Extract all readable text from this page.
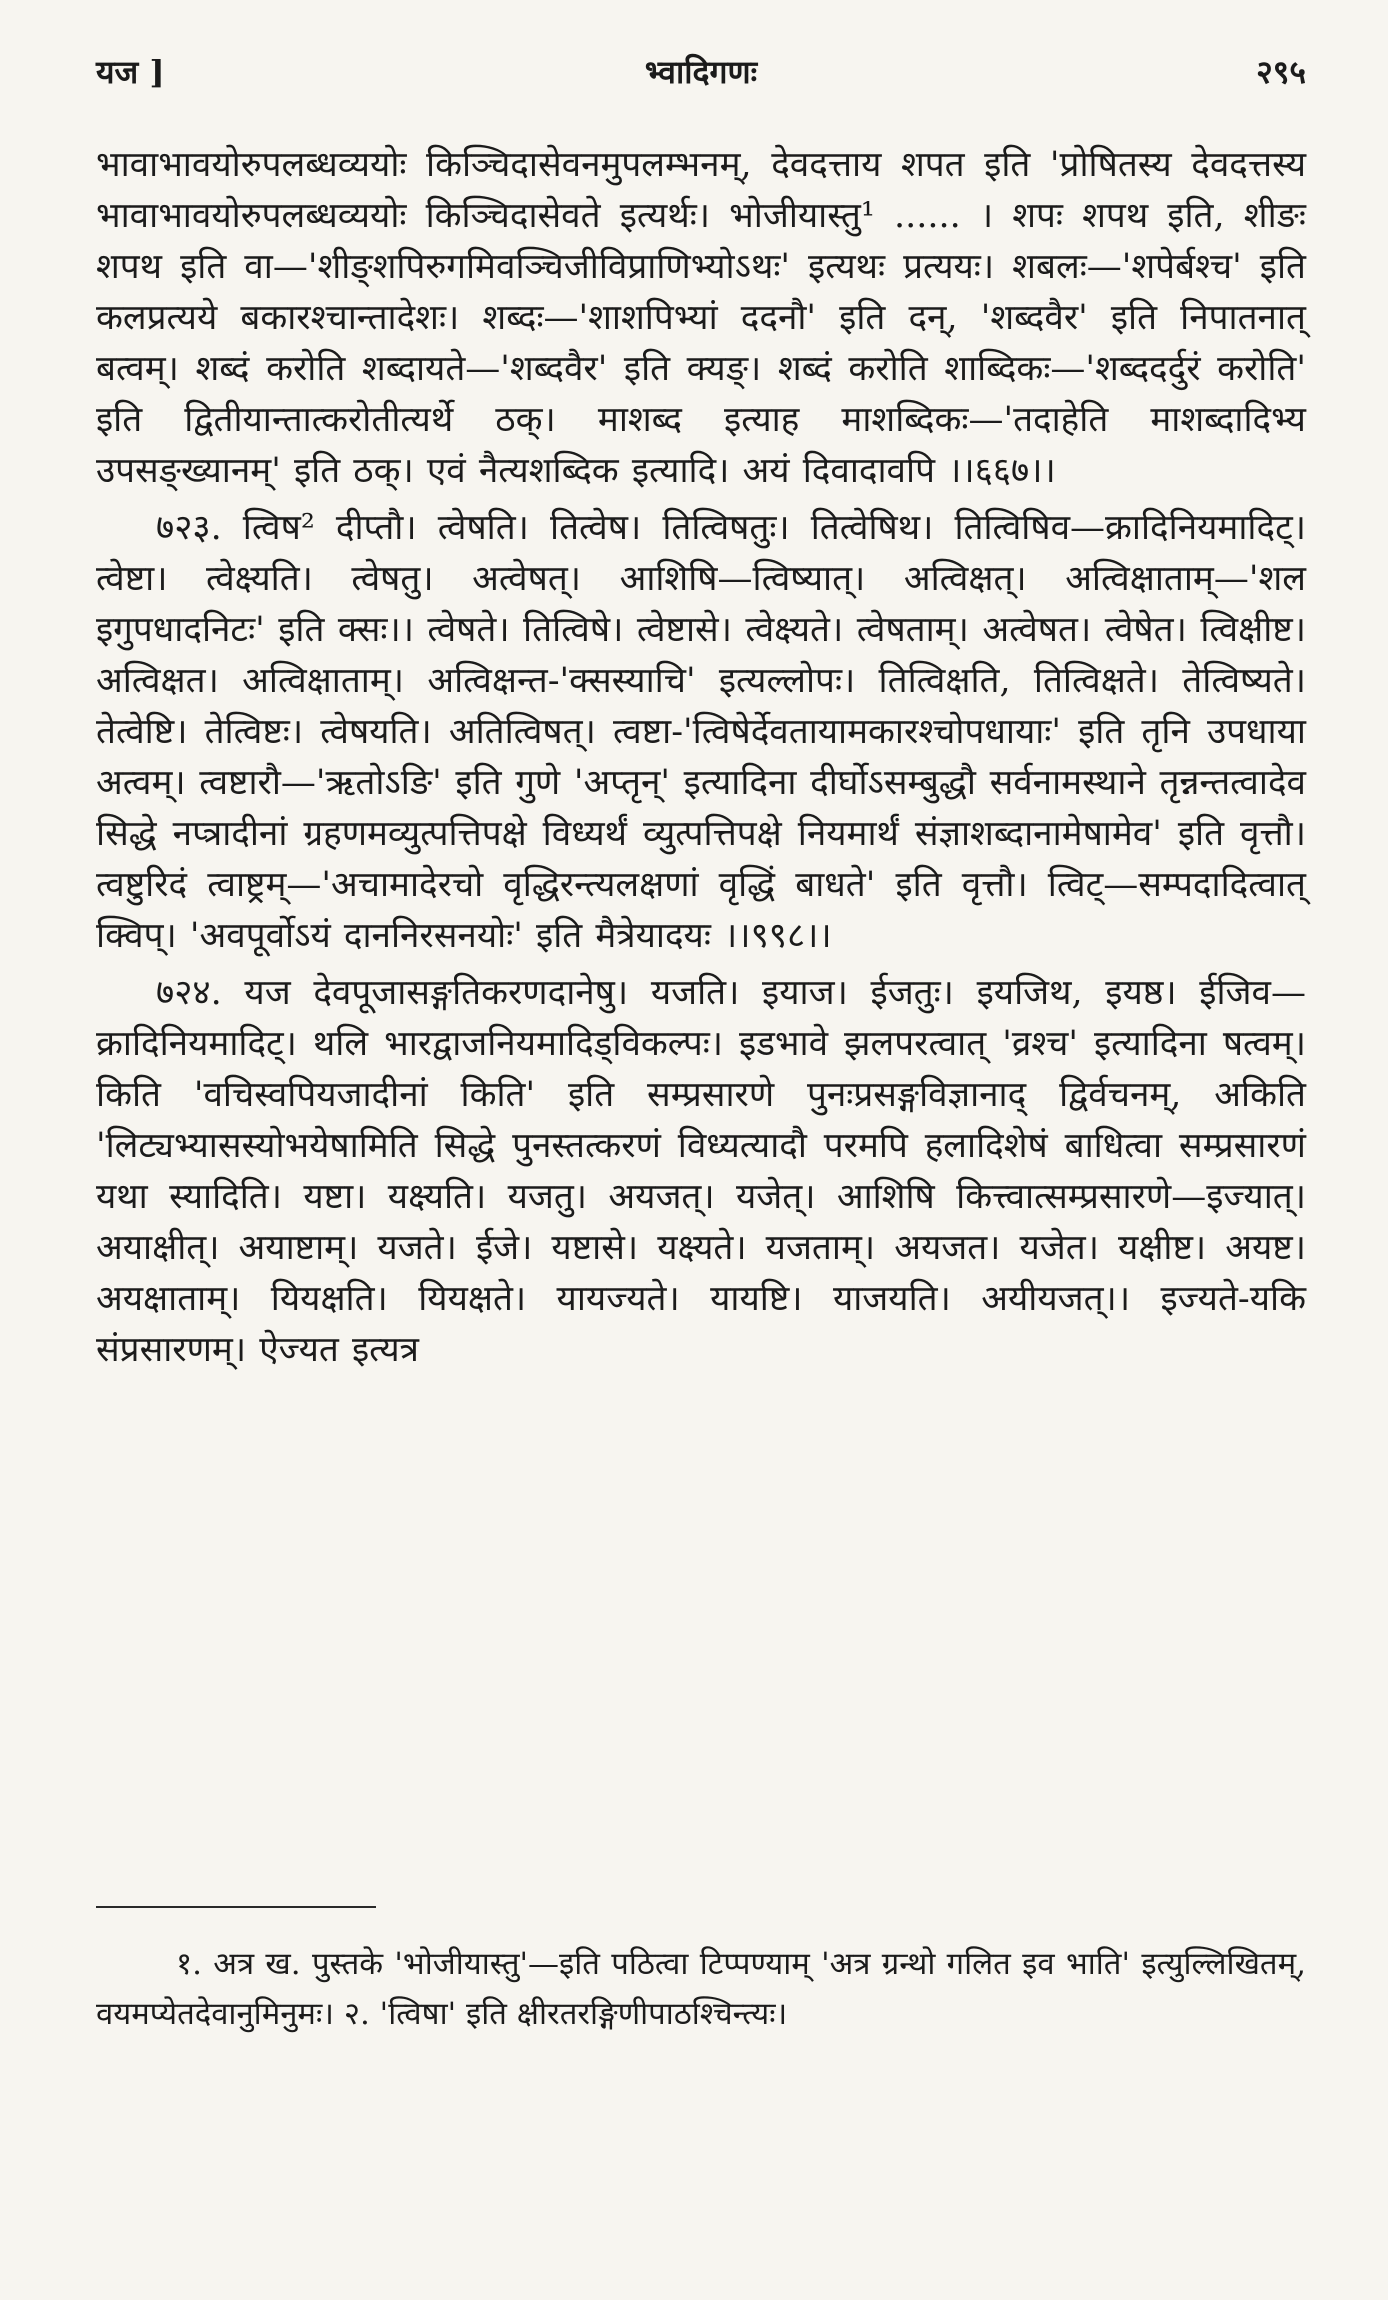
यज ]	भ्वादिगणः	२९५

भावाभावयोरुपलब्धव्ययोः किञ्चिदासेवनमुपलम्भनम्, देवदत्ताय शपत इति 'प्रोषितस्य देवदत्तस्य भावाभावयोरुपलब्धव्ययोः किञ्चिदासेवते इत्यर्थः। भोजीयास्तु¹ ...... । शपः शपथ इति, शीङः शपथ इति वा—'शीङ्शपिरुगमिवञ्चिजीविप्राणिभ्योऽथः' इत्यथः प्रत्ययः। शबलः—'शपेर्बश्च' इति कलप्रत्यये बकारश्चान्तादेशः। शब्दः—'शाशपिभ्यां ददनौ' इति दन्, 'शब्दवैर' इति निपातनात् बत्वम्। शब्दं करोति शब्दायते—'शब्दवैर' इति क्यङ्। शब्दं करोति शाब्दिकः—'शब्ददर्दुरं करोति' इति द्वितीयान्तात्करोतीत्यर्थे ठक्। माशब्द इत्याह माशब्दिकः—'तदाहेति माशब्दादिभ्य उपसङ्ख्यानम्' इति ठक्। एवं नैत्यशब्दिक इत्यादि। अयं दिवादावपि ।।६६७।।

७२३. त्विष² दीप्तौ। त्वेषति। तित्वेष। तित्विषतुः। तित्वेषिथ। तित्विषिव—क्रादिनियमादिट्। त्वेष्टा। त्वेक्ष्यति। त्वेषतु। अत्वेषत्। आशिषि—त्विष्यात्। अत्विक्षत्। अत्विक्षाताम्—'शल इगुपधादनिटः' इति क्सः।। त्वेषते। तित्विषे। त्वेष्टासे। त्वेक्ष्यते। त्वेषताम्। अत्वेषत। त्वेषेत। त्विक्षीष्ट। अत्विक्षत। अत्विक्षाताम्। अत्विक्षन्त-'क्सस्याचि' इत्यल्लोपः। तित्विक्षति, तित्विक्षते। तेत्विष्यते। तेत्वेष्टि। तेत्विष्टः। त्वेषयति। अतित्विषत्। त्वष्टा-'त्विषेर्देवतायामकारश्चोपधायाः' इति तृनि उपधाया अत्वम्। त्वष्टारौ—'ऋतोऽङि' इति गुणे 'अप्तृन्' इत्यादिना दीर्घोऽसम्बुद्धौ सर्वनामस्थाने तृन्नन्तत्वादेव सिद्धे नप्त्रादीनां ग्रहणमव्युत्पत्तिपक्षे विध्यर्थं व्युत्पत्तिपक्षे नियमार्थं संज्ञाशब्दानामेषामेव' इति वृत्तौ। त्वष्टुरिदं त्वाष्ट्रम्—'अचामादेरचो वृद्धिरन्त्यलक्षणां वृद्धिं बाधते' इति वृत्तौ। त्विट्—सम्पदादित्वात् क्विप्। 'अवपूर्वोऽयं दाननिरसनयोः' इति मैत्रेयादयः ।।९९८।।

७२४. यज देवपूजासङ्गतिकरणदानेषु। यजति। इयाज। ईजतुः। इयजिथ, इयष्ठ। ईजिव—क्रादिनियमादिट्। थलि भारद्वाजनियमादिड्विकल्पः। इडभावे झलपरत्वात् 'व्रश्च' इत्यादिना षत्वम्। किति 'वचिस्वपियजादीनां किति' इति सम्प्रसारणे पुनःप्रसङ्गविज्ञानाद् द्विर्वचनम्, अकिति 'लिट्यभ्यासस्योभयेषामिति सिद्धे पुनस्तत्करणं विध्यत्यादौ परमपि हलादिशेषं बाधित्वा सम्प्रसारणं यथा स्यादिति। यष्टा। यक्ष्यति। यजतु। अयजत्। यजेत्। आशिषि कित्त्वात्सम्प्रसारणे—इज्यात्। अयाक्षीत्। अयाष्टाम्। यजते। ईजे। यष्टासे। यक्ष्यते। यजताम्। अयजत। यजेत। यक्षीष्ट। अयष्ट। अयक्षाताम्। यियक्षति। यियक्षते। यायज्यते। यायष्टि। याजयति। अयीयजत्।। इज्यते-यकि संप्रसारणम्। ऐज्यत इत्यत्र

१. अत्र ख. पुस्तके 'भोजीयास्तु'—इति पठित्वा टिप्पण्याम् 'अत्र ग्रन्थो गलित इव भाति' इत्युल्लिखितम्, वयमप्येतदेवानुमिनुमः। २. 'त्विषा' इति क्षीरतरङ्गिणीपाठश्चिन्त्यः।
